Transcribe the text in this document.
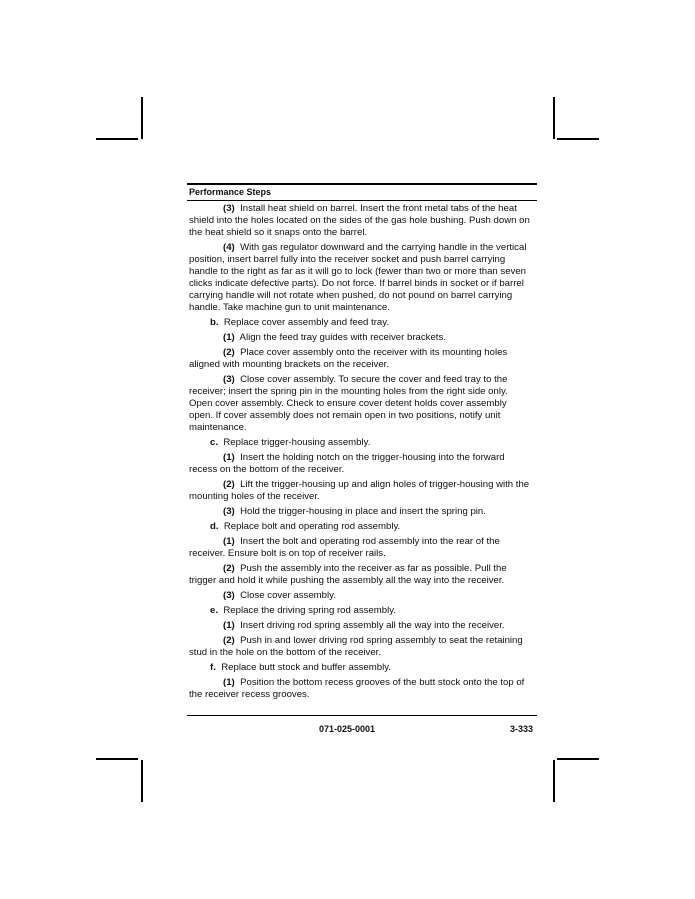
Performance Steps

(3) Install heat shield on barrel. Insert the front metal tabs of the heat shield into the holes located on the sides of the gas hole bushing. Push down on the heat shield so it snaps onto the barrel.

(4) With gas regulator downward and the carrying handle in the vertical position, insert barrel fully into the receiver socket and push barrel carrying handle to the right as far as it will go to lock (fewer than two or more than seven clicks indicate defective parts). Do not force. If barrel binds in socket or if barrel carrying handle will not rotate when pushed, do not pound on barrel carrying handle. Take machine gun to unit maintenance.

b. Replace cover assembly and feed tray.

(1) Align the feed tray guides with receiver brackets.

(2) Place cover assembly onto the receiver with its mounting holes aligned with mounting brackets on the receiver.

(3) Close cover assembly. To secure the cover and feed tray to the receiver; insert the spring pin in the mounting holes from the right side only. Open cover assembly. Check to ensure cover detent holds cover assembly open. If cover assembly does not remain open in two positions, notify unit maintenance.

c. Replace trigger-housing assembly.

(1) Insert the holding notch on the trigger-housing into the forward recess on the bottom of the receiver.

(2) Lift the trigger-housing up and align holes of trigger-housing with the mounting holes of the receiver.

(3) Hold the trigger-housing in place and insert the spring pin.

d. Replace bolt and operating rod assembly.

(1) Insert the bolt and operating rod assembly into the rear of the receiver. Ensure bolt is on top of receiver rails.

(2) Push the assembly into the receiver as far as possible. Pull the trigger and hold it while pushing the assembly all the way into the receiver.

(3) Close cover assembly.

e. Replace the driving spring rod assembly.

(1) Insert driving rod spring assembly all the way into the receiver.

(2) Push in and lower driving rod spring assembly to seat the retaining stud in the hole on the bottom of the receiver.

f. Replace butt stock and buffer assembly.

(1) Position the bottom recess grooves of the butt stock onto the top of the receiver recess grooves.

071-025-0001	3-333
